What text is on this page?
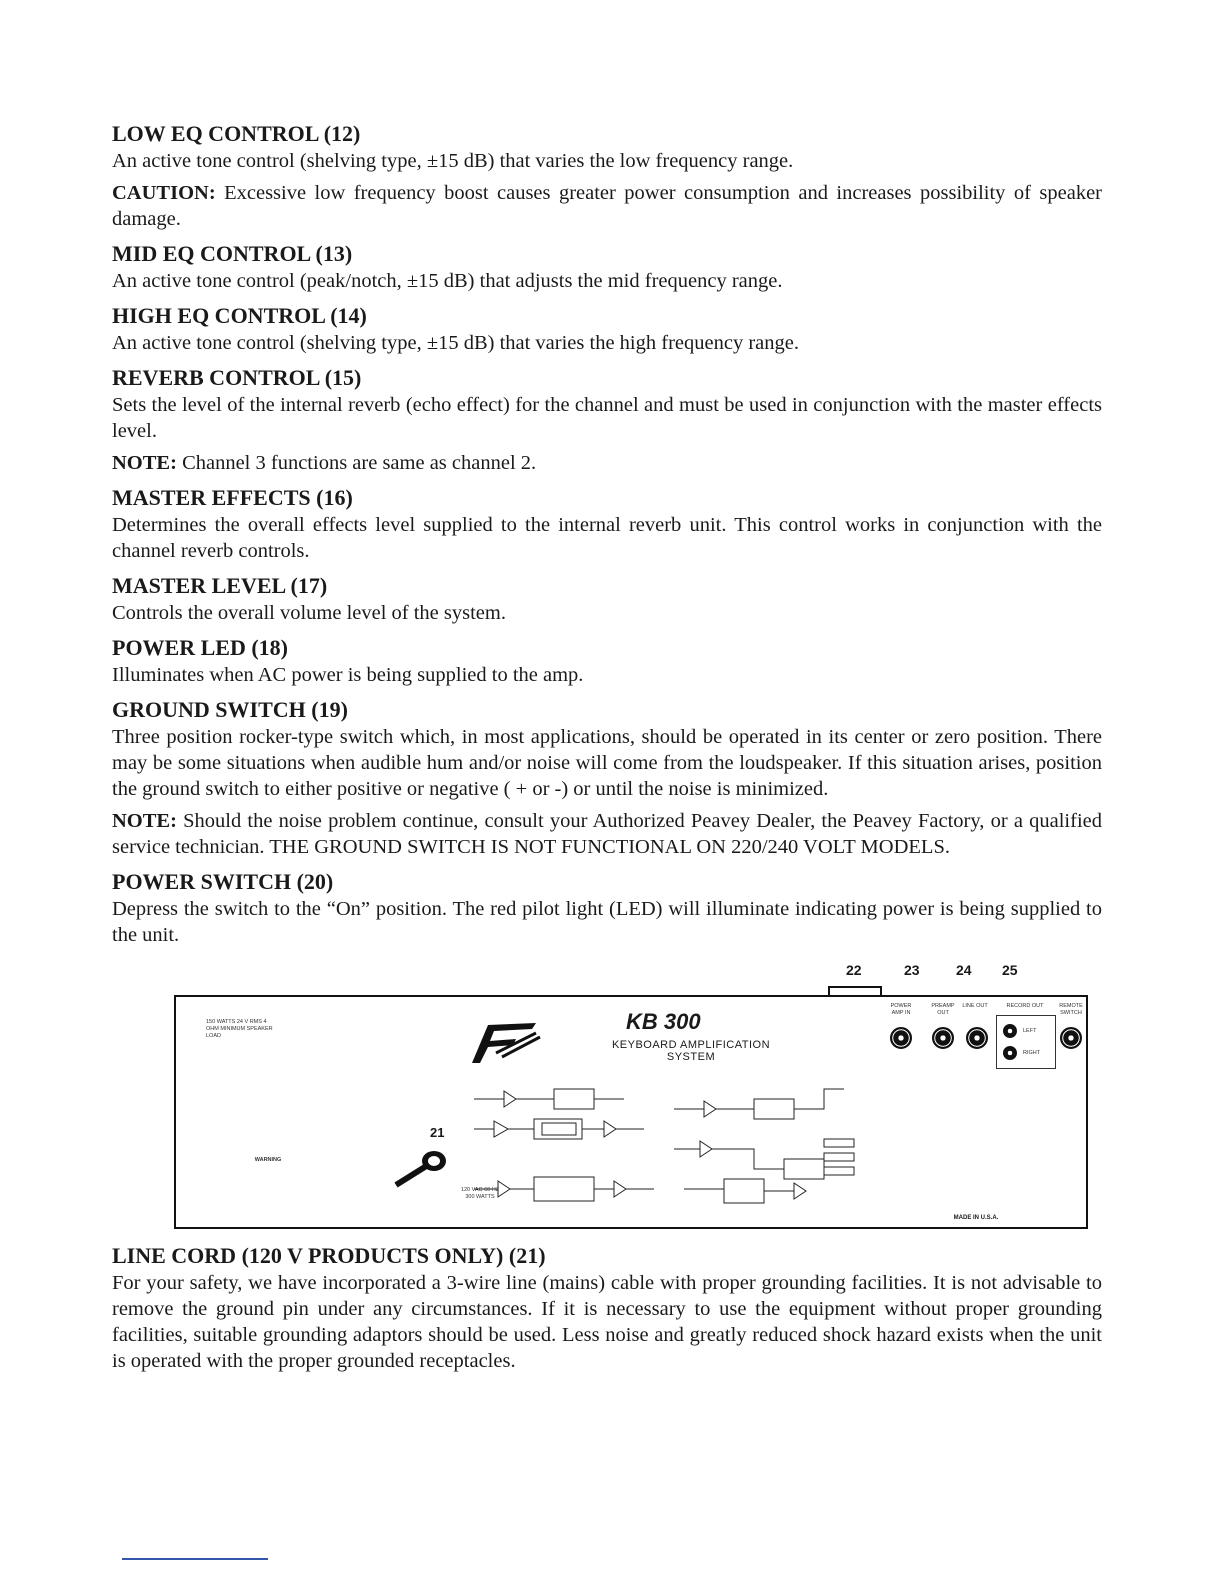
LOW EQ CONTROL (12)

An active tone control (shelving type, ±15 dB) that varies the low frequency range.

CAUTION: Excessive low frequency boost causes greater power consumption and increases possibility of speaker damage.

MID EQ CONTROL (13)

An active tone control (peak/notch, ±15 dB) that adjusts the mid frequency range.

HIGH EQ CONTROL (14)

An active tone control (shelving type, ±15 dB) that varies the high frequency range.

REVERB CONTROL (15)

Sets the level of the internal reverb (echo effect) for the channel and must be used in conjunction with the master effects level.

NOTE: Channel 3 functions are same as channel 2.

MASTER EFFECTS (16)

Determines the overall effects level supplied to the internal reverb unit. This control works in conjunction with the channel reverb controls.

MASTER LEVEL (17)

Controls the overall volume level of the system.

POWER LED (18)

Illuminates when AC power is being supplied to the amp.

GROUND SWITCH (19)

Three position rocker-type switch which, in most applications, should be operated in its center or zero position. There may be some situations when audible hum and/or noise will come from the loudspeaker. If this situation arises, position the ground switch to either positive or negative ( + or -) or until the noise is minimized.

NOTE: Should the noise problem continue, consult your Authorized Peavey Dealer, the Peavey Factory, or a qualified service technician. THE GROUND SWITCH IS NOT FUNCTIONAL ON 220/240 VOLT MODELS.

POWER SWITCH (20)

Depress the switch to the “On” position. The red pilot light (LED) will illuminate indicating power is being supplied to the unit.

22	23	24 25
150 WATTS 24 V RMS 4 OHM MINIMUM SPEAKER LOAD
KB 300
KEYBOARD AMPLIFICATION
SYSTEM
POWER AMP IN
PREAMP OUT
LINE OUT	RECORD OUT	REMOTE SWITCH
LEFT
RIGHT
21
WARNING
120 VAC 60 HZ 300 WATTS
MADE IN U.S.A.

LINE CORD (120 V PRODUCTS ONLY) (21)

For your safety, we have incorporated a 3-wire line (mains) cable with proper grounding facilities. It is not advisable to remove the ground pin under any circumstances. If it is necessary to use the equipment without proper grounding facilities, suitable grounding adaptors should be used. Less noise and greatly reduced shock hazard exists when the unit is operated with the proper grounded receptacles.
